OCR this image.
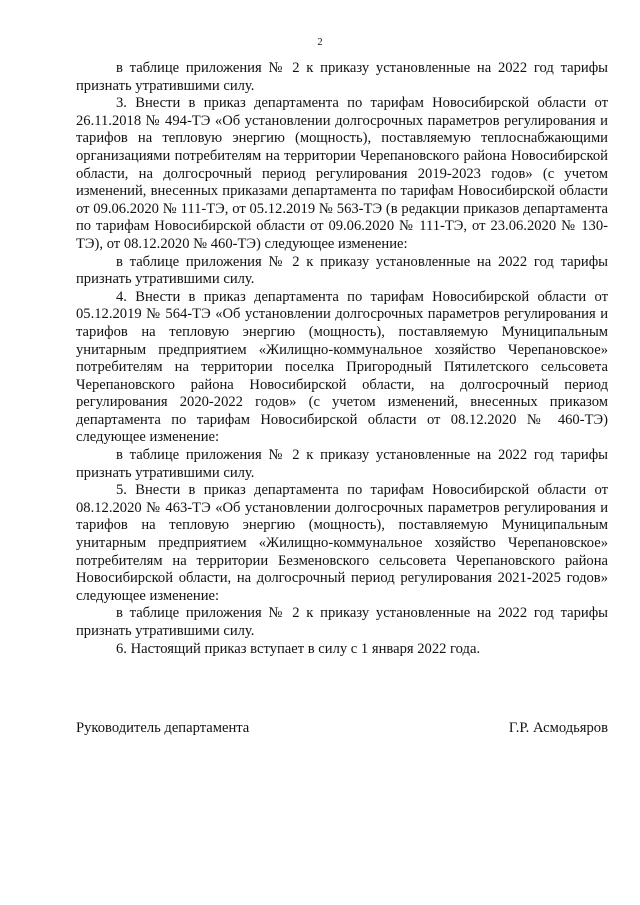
2

в таблице приложения № 2 к приказу установленные на 2022 год тарифы признать утратившими силу.

3. Внести в приказ департамента по тарифам Новосибирской области от 26.11.2018 № 494-ТЭ «Об установлении долгосрочных параметров регулирования и тарифов на тепловую энергию (мощность), поставляемую теплоснабжающими организациями потребителям на территории Черепановского района Новосибирской области, на долгосрочный период регулирования 2019-2023 годов» (с учетом изменений, внесенных приказами департамента по тарифам Новосибирской области от 09.06.2020 № 111-ТЭ, от 05.12.2019 № 563-ТЭ (в редакции приказов департамента по тарифам Новосибирской области от 09.06.2020 № 111-ТЭ, от 23.06.2020 № 130-ТЭ), от 08.12.2020 № 460-ТЭ) следующее изменение:

в таблице приложения № 2 к приказу установленные на 2022 год тарифы признать утратившими силу.

4. Внести в приказ департамента по тарифам Новосибирской области от 05.12.2019 № 564-ТЭ «Об установлении долгосрочных параметров регулирования и тарифов на тепловую энергию (мощность), поставляемую Муниципальным унитарным предприятием «Жилищно-коммунальное хозяйство Черепановское» потребителям на территории поселка Пригородный Пятилетского сельсовета Черепановского района Новосибирской области, на долгосрочный период регулирования 2020-2022 годов» (с учетом изменений, внесенных приказом департамента по тарифам Новосибирской области от 08.12.2020 № 460-ТЭ) следующее изменение:

в таблице приложения № 2 к приказу установленные на 2022 год тарифы признать утратившими силу.

5. Внести в приказ департамента по тарифам Новосибирской области от 08.12.2020 № 463-ТЭ «Об установлении долгосрочных параметров регулирования и тарифов на тепловую энергию (мощность), поставляемую Муниципальным унитарным предприятием «Жилищно-коммунальное хозяйство Черепановское» потребителям на территории Безменовского сельсовета Черепановского района Новосибирской области, на долгосрочный период регулирования 2021-2025 годов» следующее изменение:

в таблице приложения № 2 к приказу установленные на 2022 год тарифы признать утратившими силу.

6. Настоящий приказ вступает в силу с 1 января 2022 года.

Руководитель департамента	Г.Р. Асмодьяров
